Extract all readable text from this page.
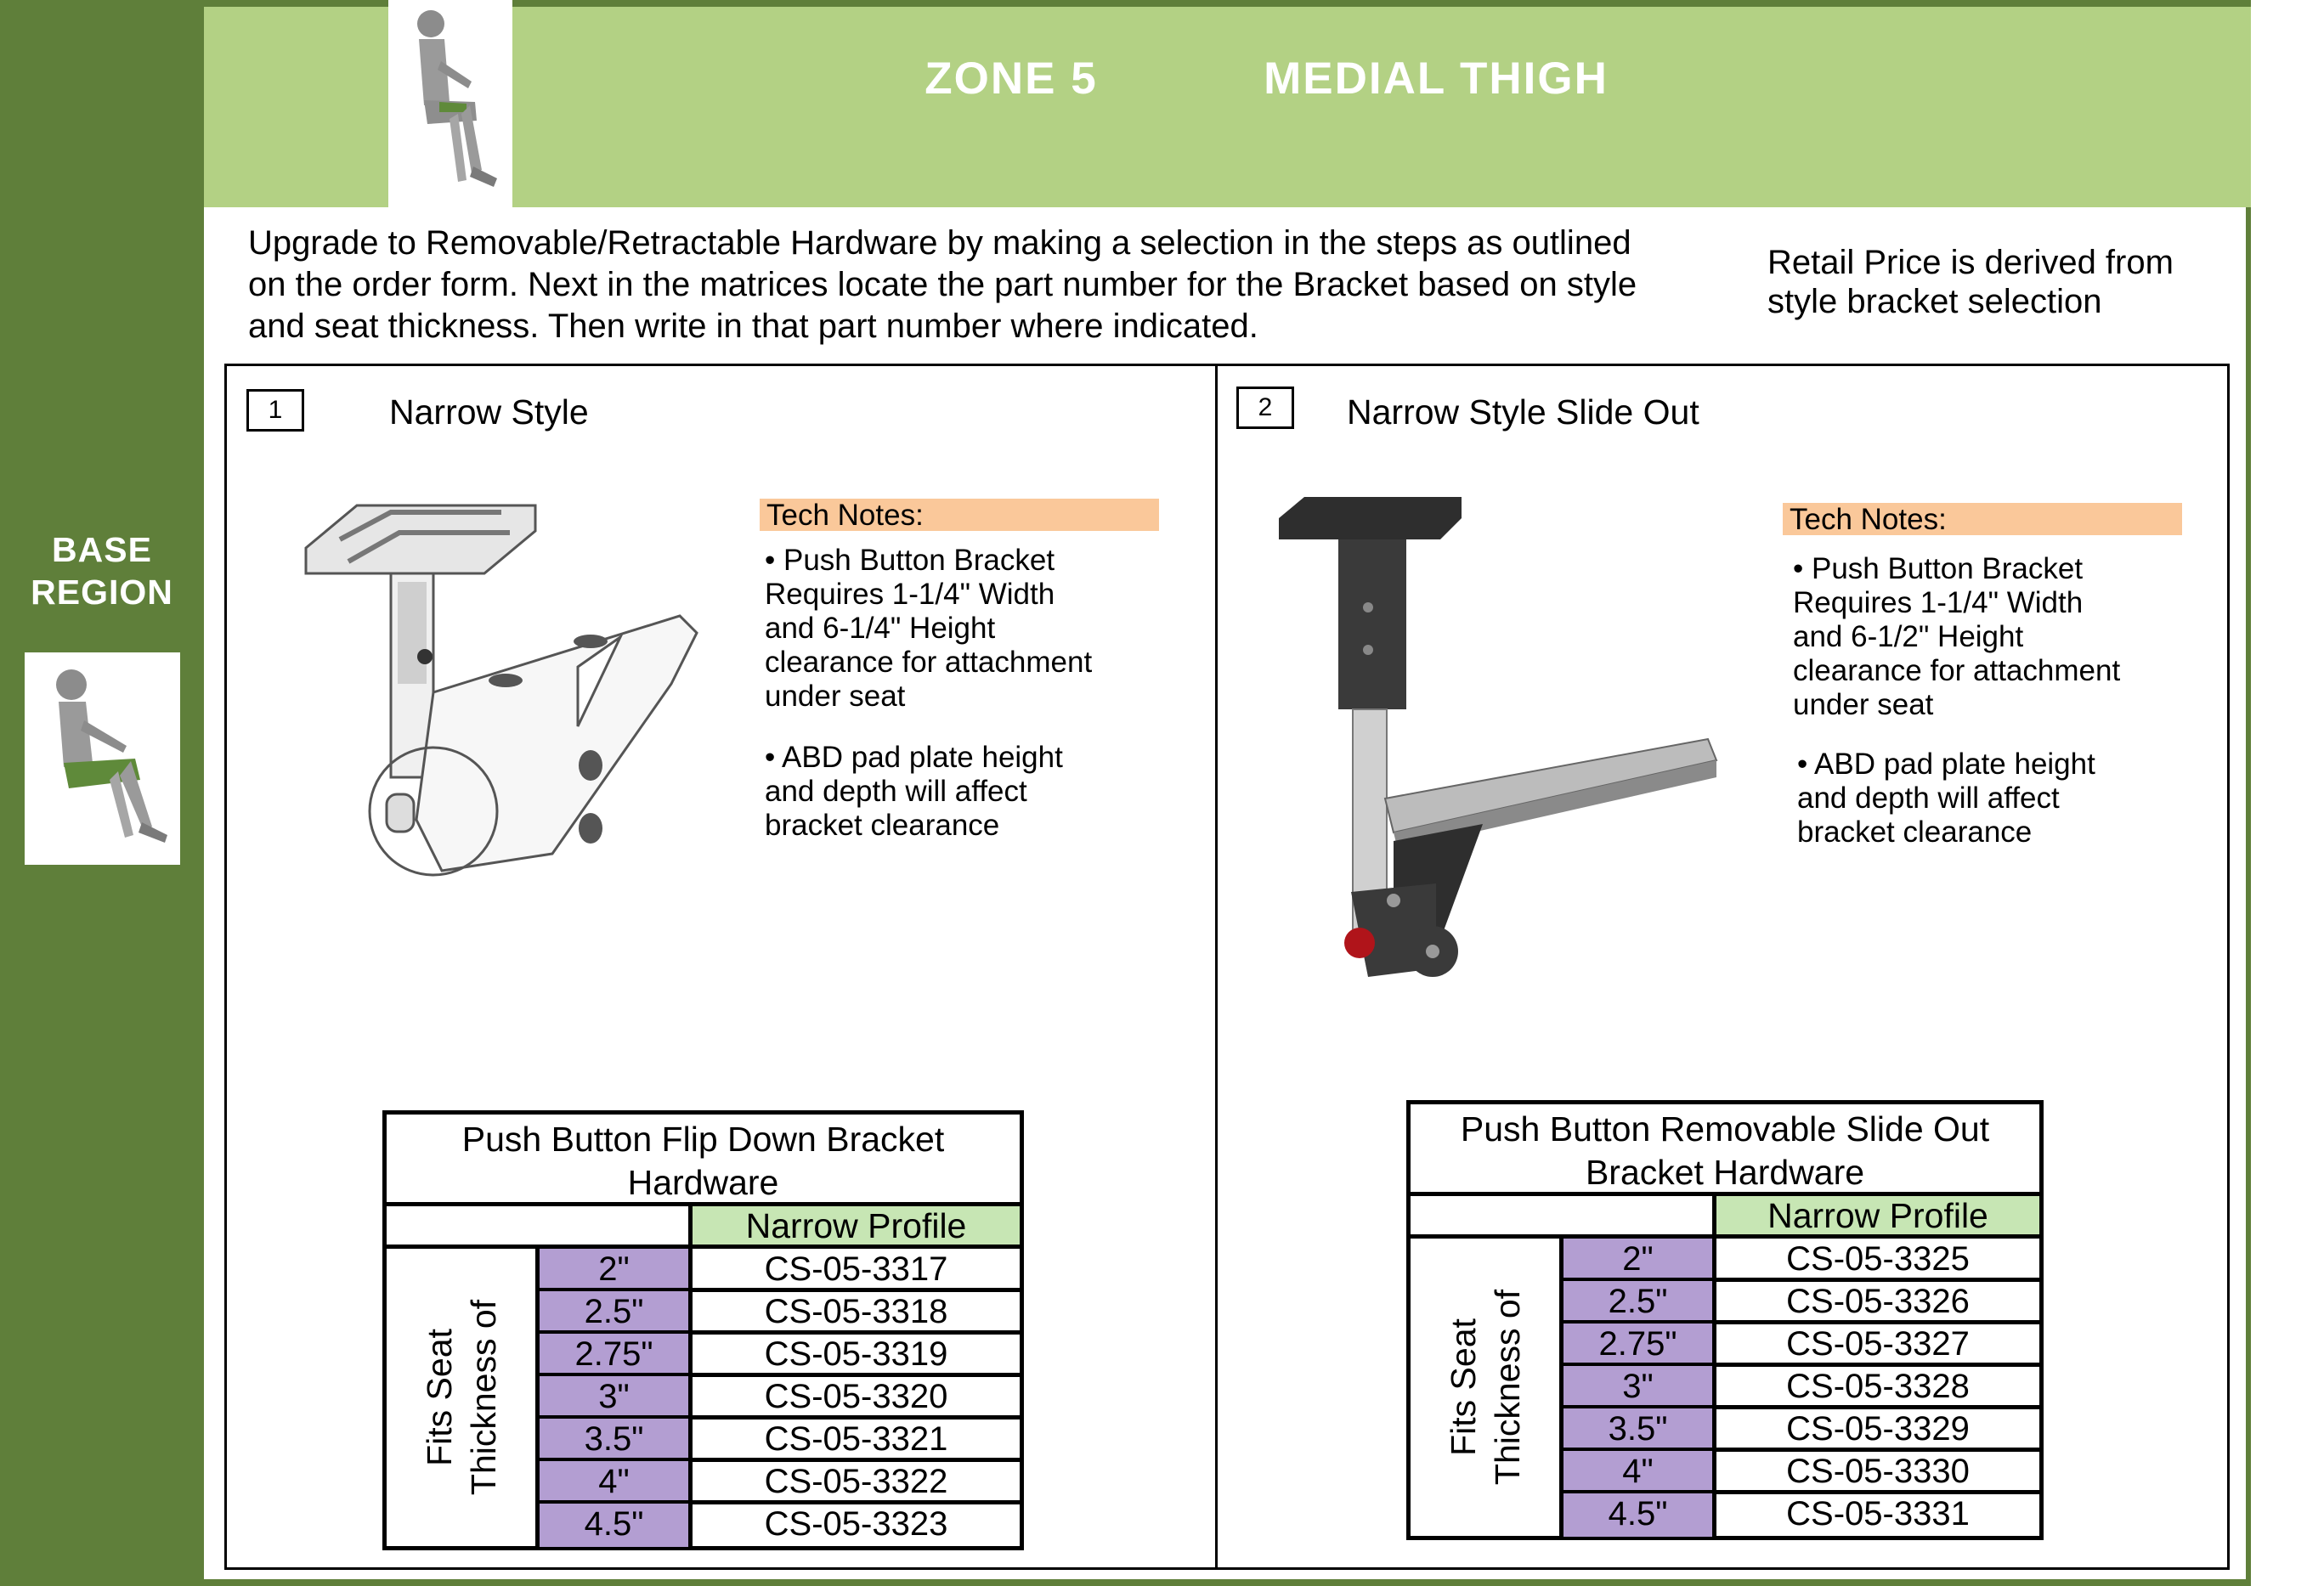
BASE
REGION
ZONE 5	MEDIAL THIGH
Upgrade to Removable/Retractable Hardware by making a selection in the steps as outlined on the order form. Next in the matrices locate the part number for the Bracket based on style and seat thickness. Then write in that part number where indicated.
Retail Price is derived from style bracket selection
1	Narrow Style
Tech Notes:
• Push Button Bracket
Requires 1-1/4" Width
and 6-1/4" Height
clearance for attachment
under seat
• ABD pad plate height
and depth will affect
bracket clearance
Push Button Flip Down Bracket Hardware
Narrow Profile
Fits Seat
Thickness of
2"	CS-05-3317
2.5"	CS-05-3318
2.75"	CS-05-3319
3"	CS-05-3320
3.5"	CS-05-3321
4"	CS-05-3322
4.5"	CS-05-3323
2	Narrow Style Slide Out
Tech Notes:
• Push Button Bracket
Requires 1-1/4" Width
and 6-1/2" Height
clearance for attachment
under seat
• ABD pad plate height
and depth will affect
bracket clearance
Push Button Removable Slide Out Bracket Hardware
Narrow Profile
Fits Seat
Thickness of
2"	CS-05-3325
2.5"	CS-05-3326
2.75"	CS-05-3327
3"	CS-05-3328
3.5"	CS-05-3329
4"	CS-05-3330
4.5"	CS-05-3331
